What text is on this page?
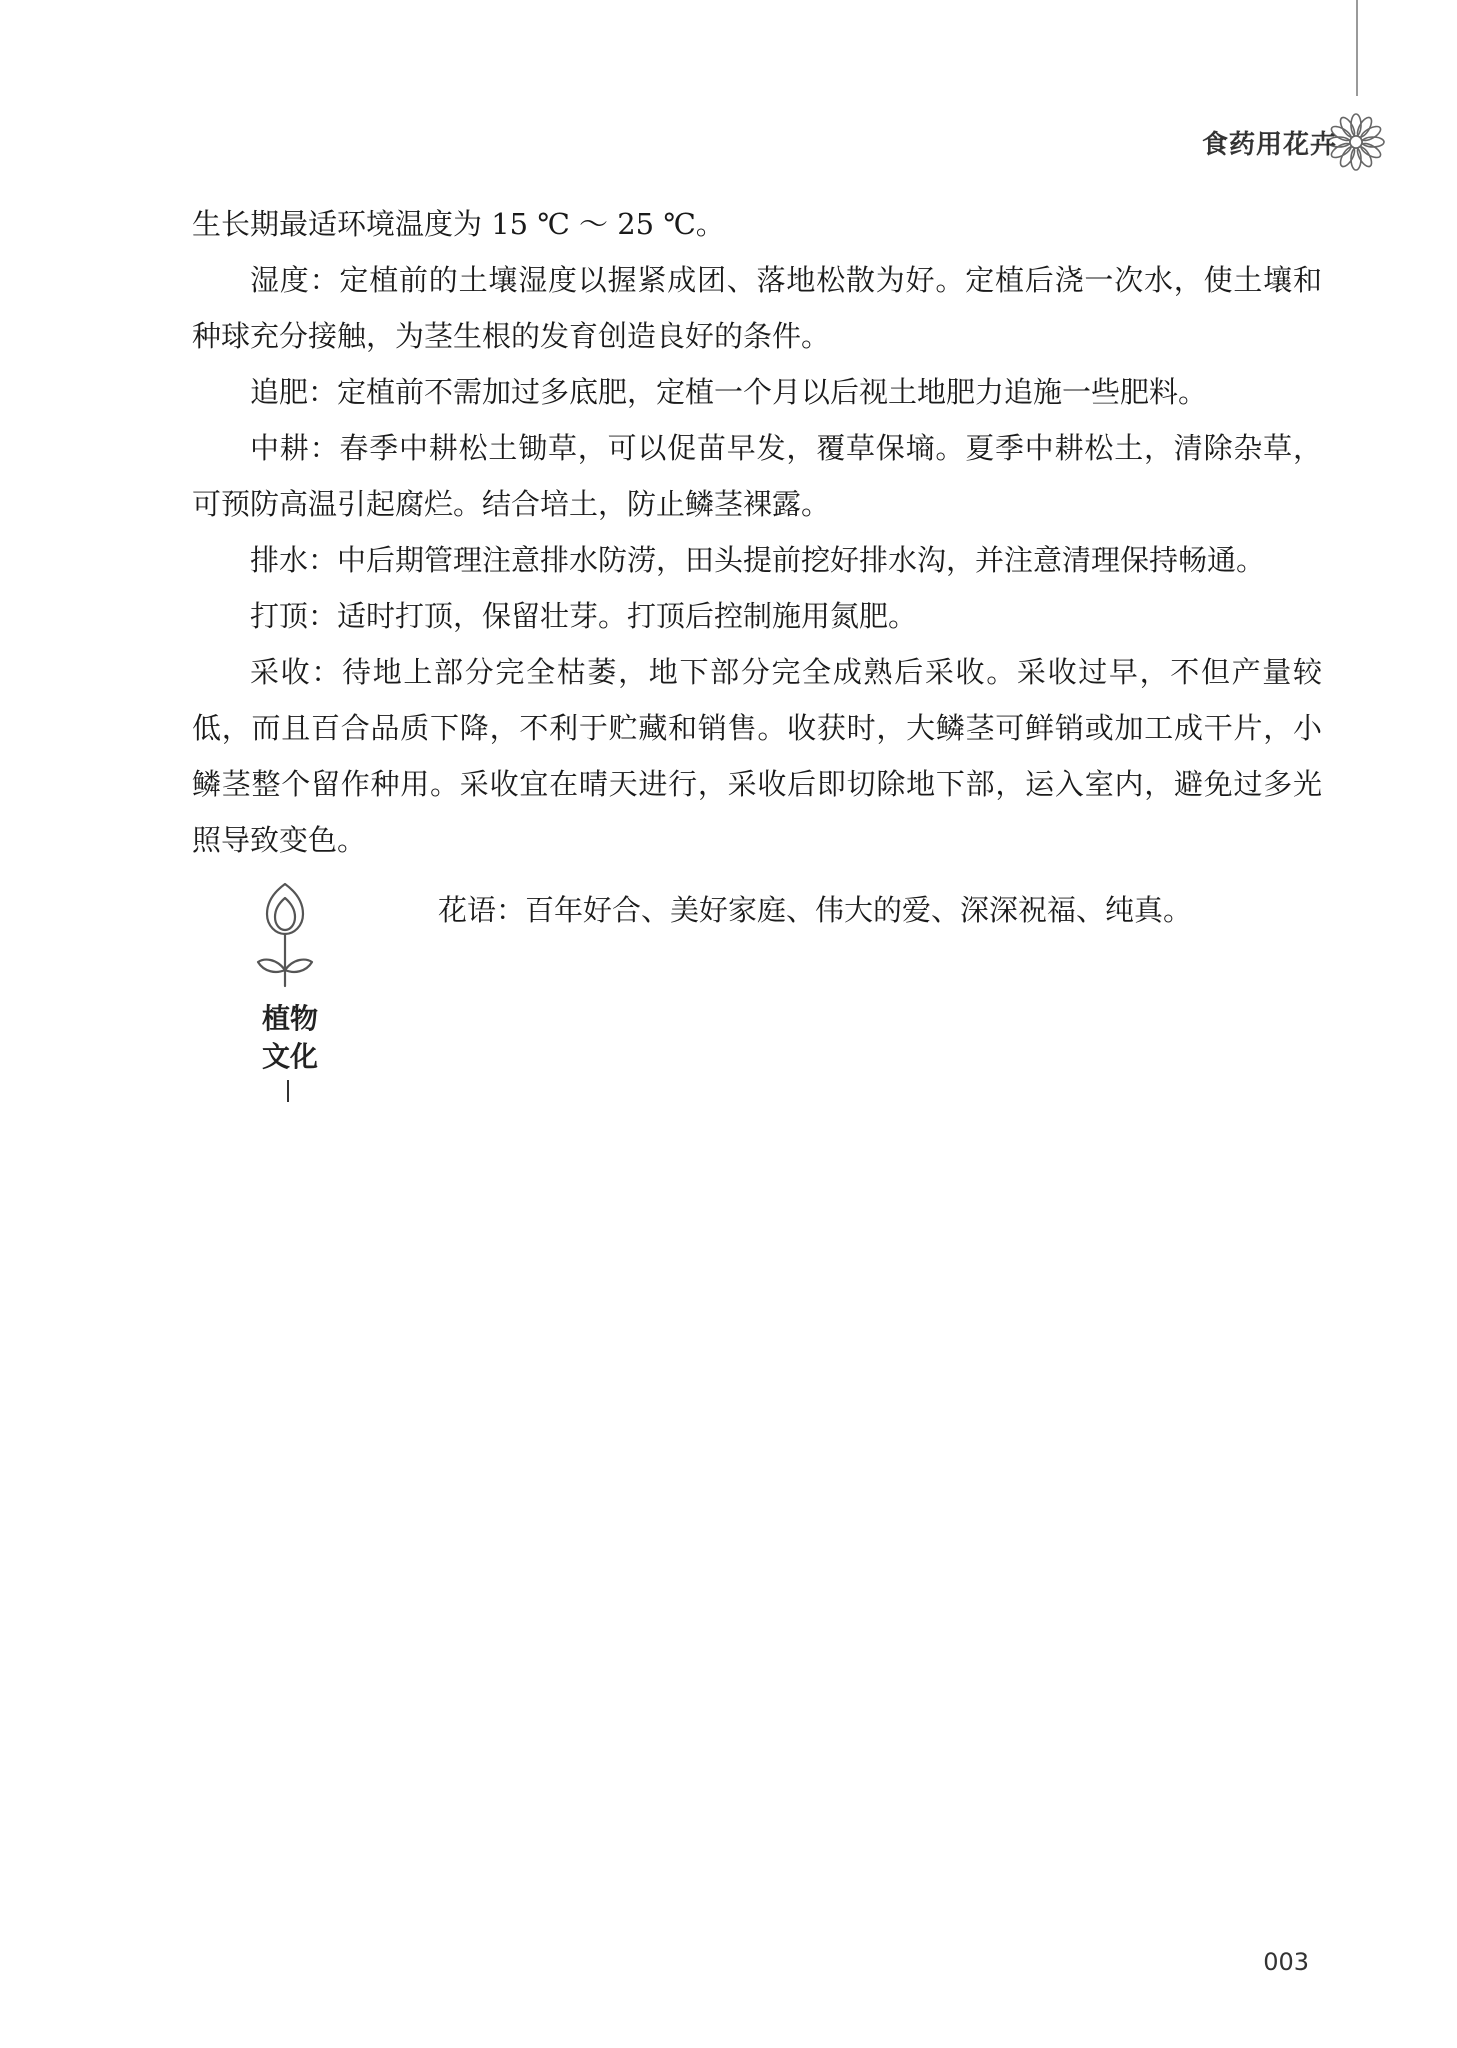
食药用花卉

生长期最适环境温度为 15 ℃ ～ 25 ℃。

湿度：定植前的土壤湿度以握紧成团、落地松散为好。定植后浇一次水，使土壤和种球充分接触，为茎生根的发育创造良好的条件。

追肥：定植前不需加过多底肥，定植一个月以后视土地肥力追施一些肥料。

中耕：春季中耕松土锄草，可以促苗早发，覆草保墒。夏季中耕松土，清除杂草，可预防高温引起腐烂。结合培土，防止鳞茎裸露。

排水：中后期管理注意排水防涝，田头提前挖好排水沟，并注意清理保持畅通。

打顶：适时打顶，保留壮芽。打顶后控制施用氮肥。

采收：待地上部分完全枯萎，地下部分完全成熟后采收。采收过早，不但产量较低，而且百合品质下降，不利于贮藏和销售。收获时，大鳞茎可鲜销或加工成干片，小鳞茎整个留作种用。采收宜在晴天进行，采收后即切除地下部，运入室内，避免过多光照导致变色。

植物
文化
花语：百年好合、美好家庭、伟大的爱、深深祝福、纯真。
003
